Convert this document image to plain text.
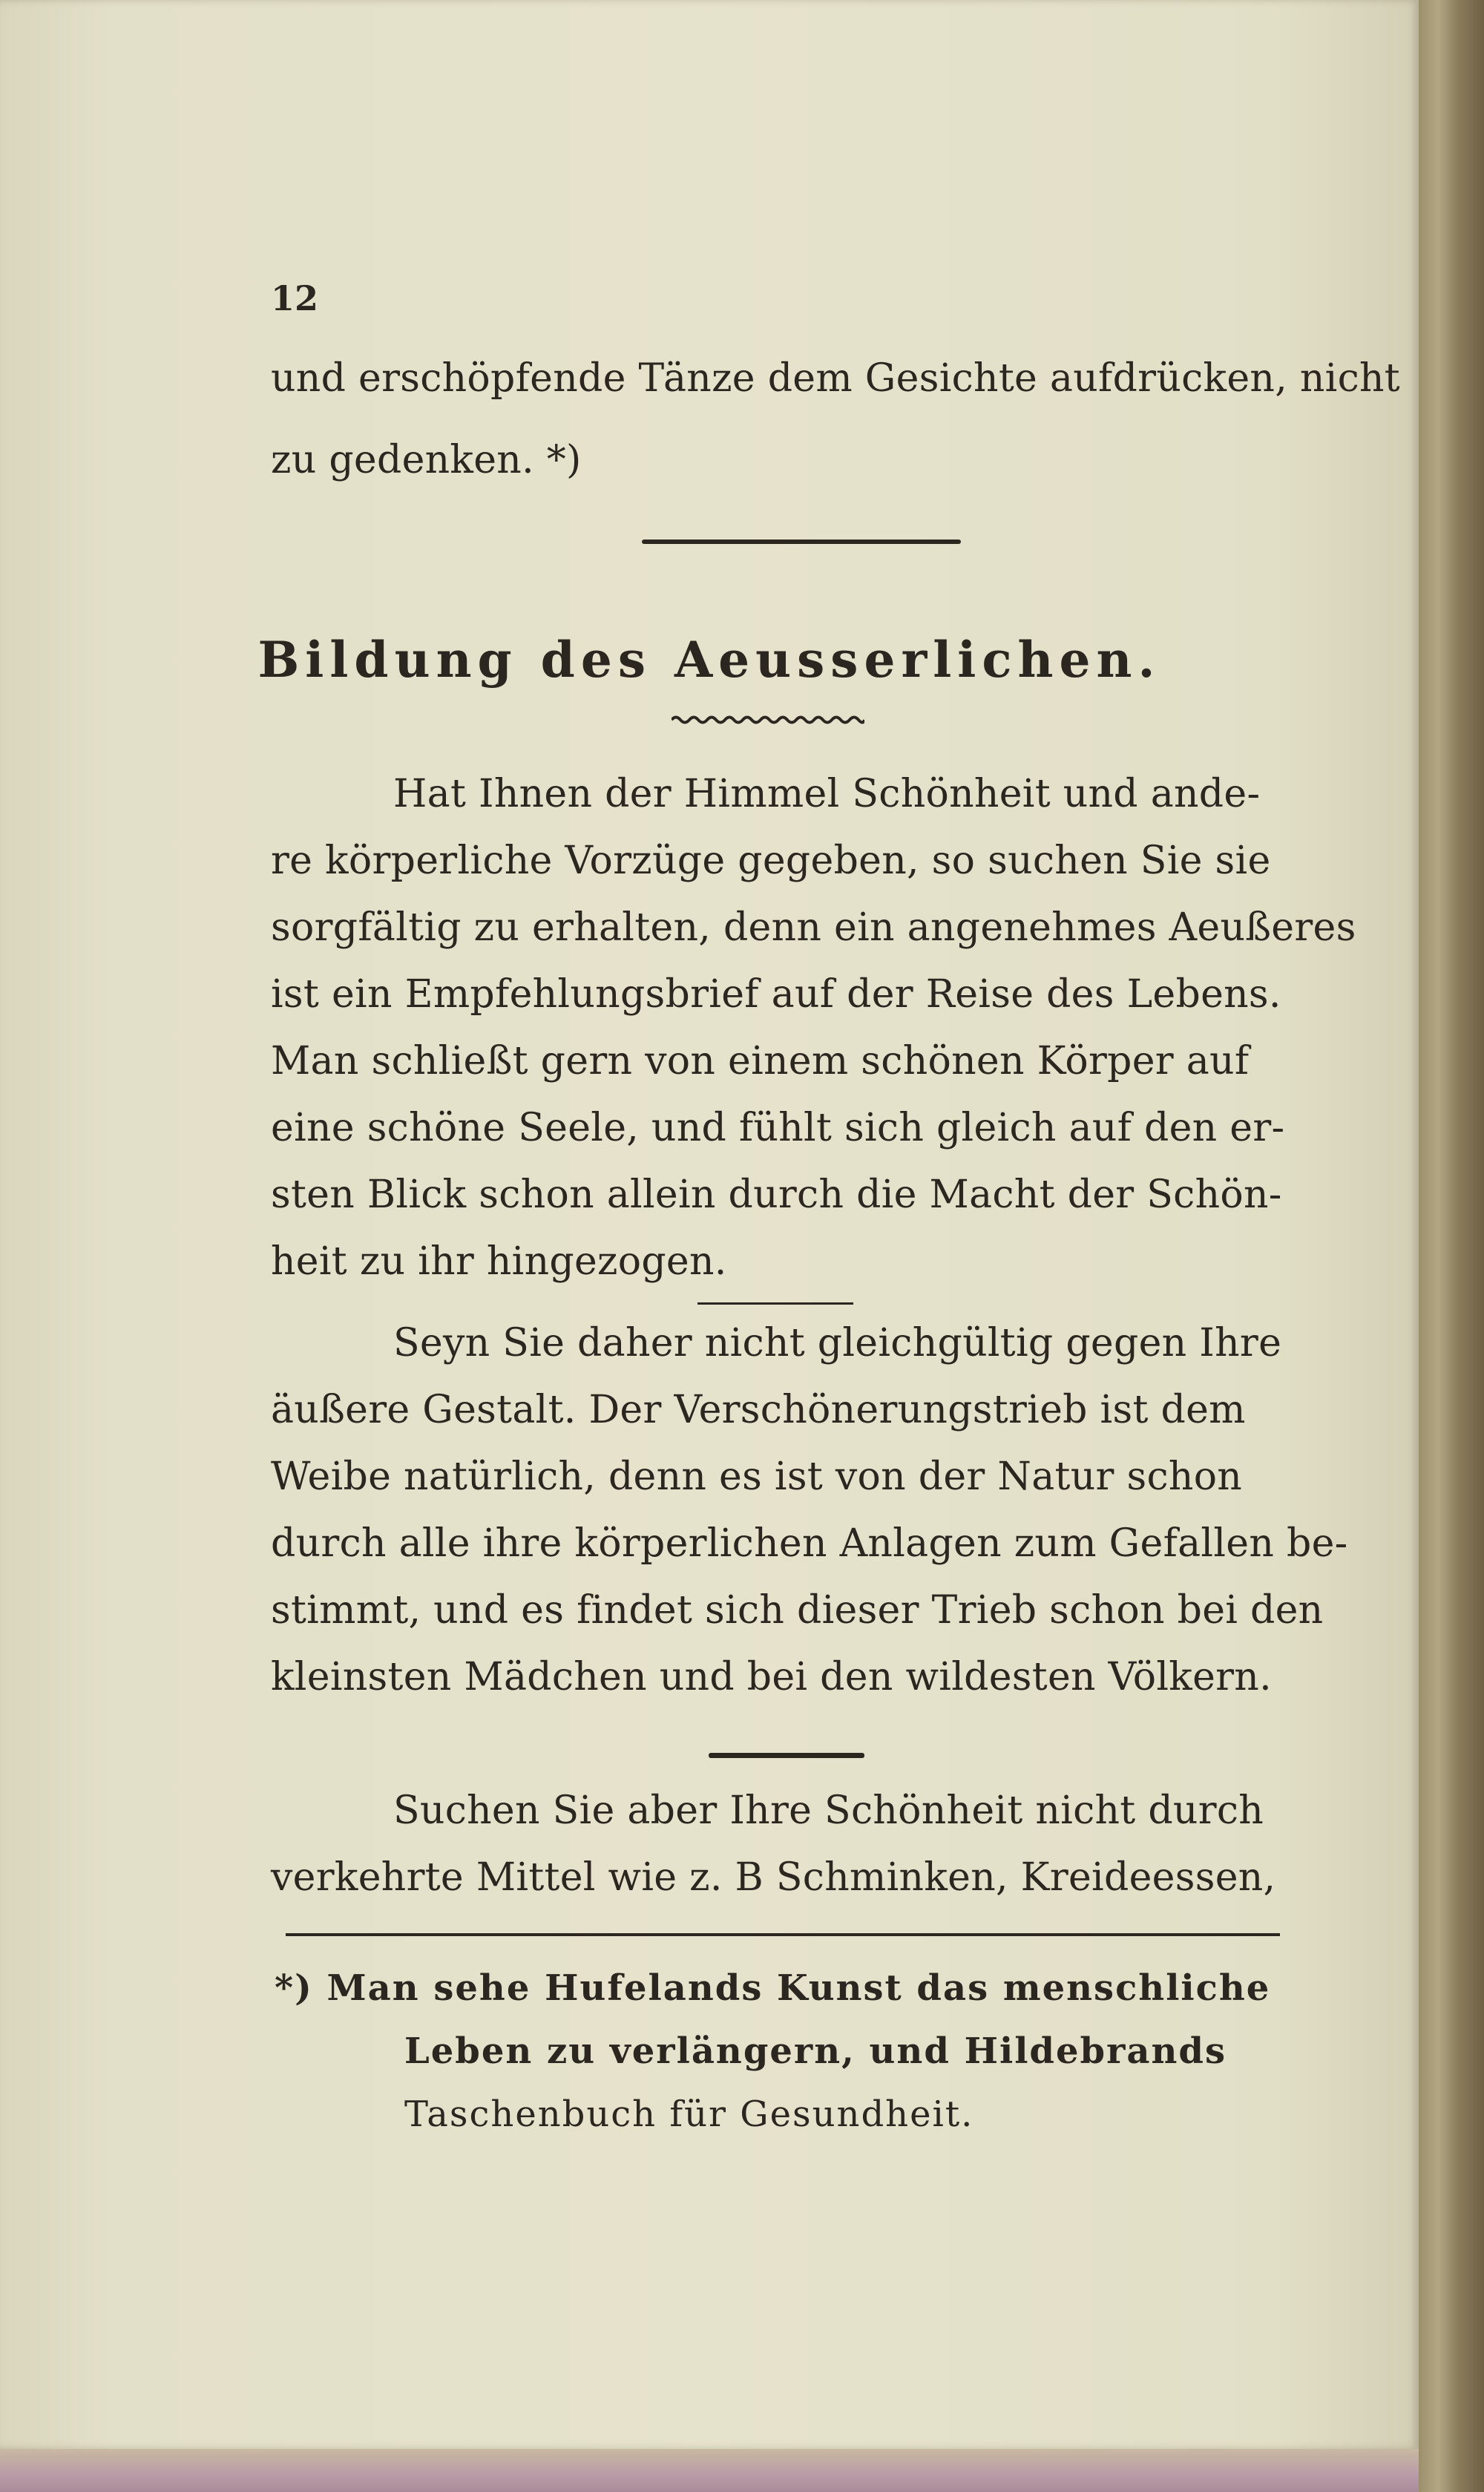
12
und erschöpfende Tänze dem Gesichte aufdrücken, nicht
zu gedenken. *)
Bildung des Aeusserlichen.
Hat Ihnen der Himmel Schönheit und ande-
re körperliche Vorzüge gegeben, so suchen Sie sie
sorgfältig zu erhalten, denn ein angenehmes Aeußeres
ist ein Empfehlungsbrief auf der Reise des Lebens.
Man schließt gern von einem schönen Körper auf
eine schöne Seele, und fühlt sich gleich auf den er-
sten Blick schon allein durch die Macht der Schön-
heit zu ihr hingezogen.
Seyn Sie daher nicht gleichgültig gegen Ihre
äußere Gestalt. Der Verschönerungstrieb ist dem
Weibe natürlich, denn es ist von der Natur schon
durch alle ihre körperlichen Anlagen zum Gefallen be-
stimmt, und es findet sich dieser Trieb schon bei den
kleinsten Mädchen und bei den wildesten Völkern.
Suchen Sie aber Ihre Schönheit nicht durch
verkehrte Mittel wie z. B Schminken, Kreideessen,
*) Man sehe Hufelands Kunst das menschliche
Leben zu verlängern, und Hildebrands
Taschenbuch für Gesundheit.
